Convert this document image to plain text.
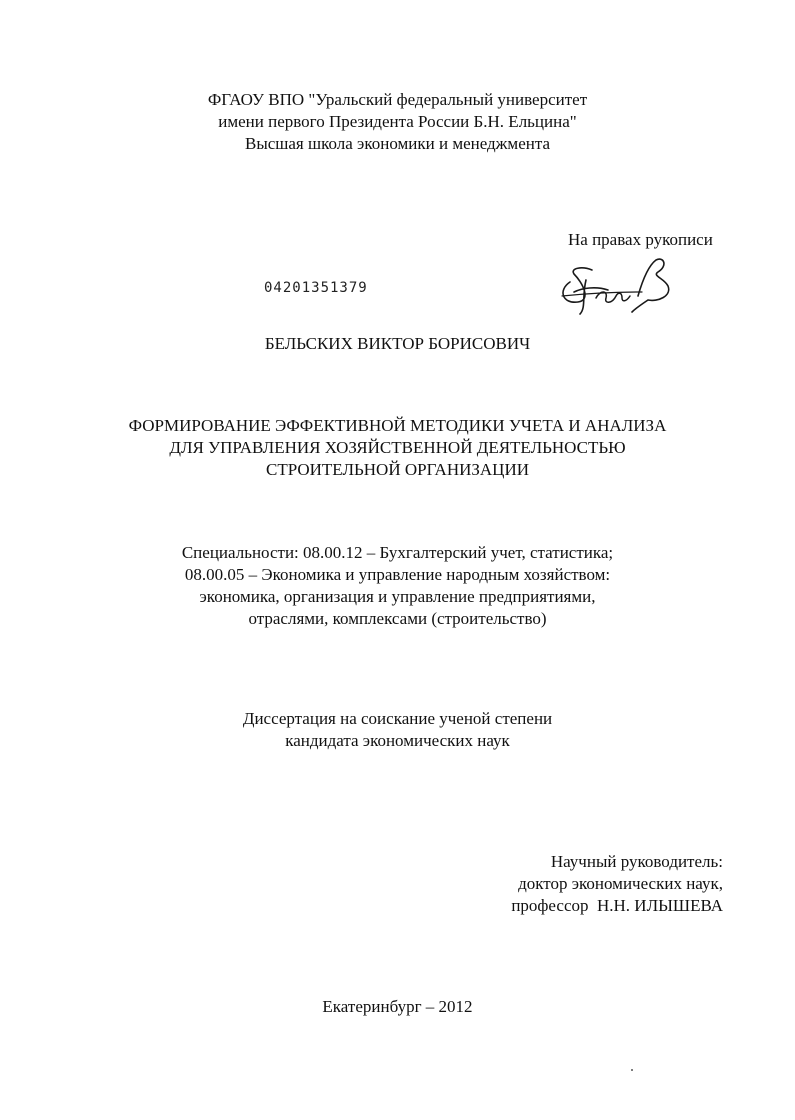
ФГАОУ ВПО "Уральский федеральный университет
имени первого Президента России Б.Н. Ельцина"
Высшая школа экономики и менеджмента
На правах рукописи
04201351379
БЕЛЬСКИХ ВИКТОР БОРИСОВИЧ
ФОРМИРОВАНИЕ ЭФФЕКТИВНОЙ МЕТОДИКИ УЧЕТА И АНАЛИЗА
ДЛЯ УПРАВЛЕНИЯ ХОЗЯЙСТВЕННОЙ ДЕЯТЕЛЬНОСТЬЮ
СТРОИТЕЛЬНОЙ ОРГАНИЗАЦИИ
Специальности: 08.00.12 – Бухгалтерский учет, статистика;
08.00.05 – Экономика и управление народным хозяйством:
экономика, организация и управление предприятиями,
отраслями, комплексами (строительство)
Диссертация на соискание ученой степени
кандидата экономических наук
Научный руководитель:
доктор экономических наук,
профессор  Н.Н. ИЛЫШЕВА
Екатеринбург – 2012
